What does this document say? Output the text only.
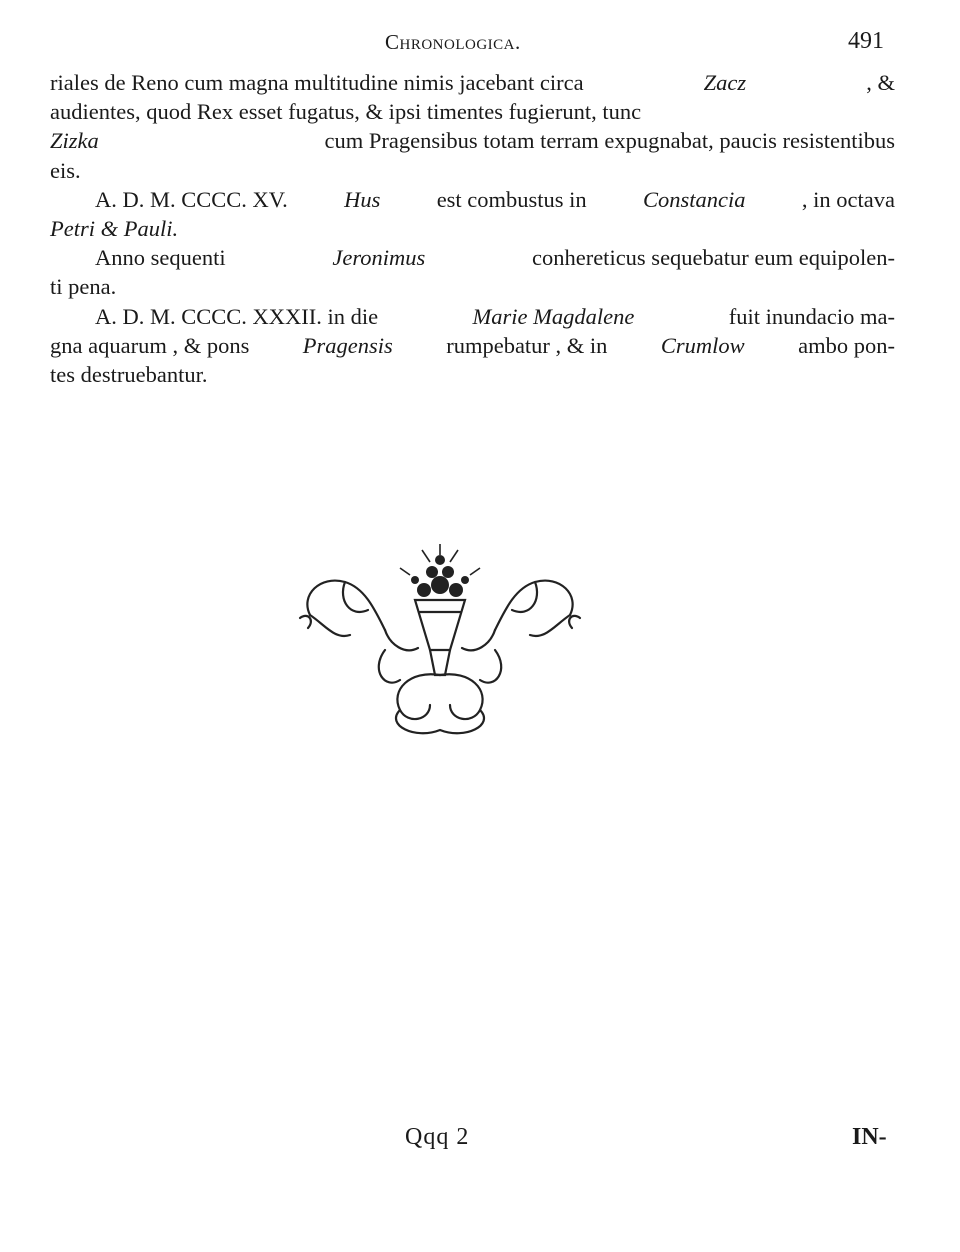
Chronologica.	491
riales de Reno cum magna multitudine nimis jacebant circa	Zacz	, &
audientes, quod Rex esset fugatus, & ipsi timentes fugierunt, tunc
Zizka	cum Pragensibus totam terram expugnabat, paucis resistentibus
eis.
A. D. M. CCCC. XV. Hus est combustus in Constancia , in octava
Petri & Pauli.
Anno sequenti	Jeronimus	conhereticus sequebatur eum equipolen-
ti pena.
A. D. M. CCCC. XXXII. in die	Marie Magdalene	fuit inundacio ma-
gna aquarum , & pons Pragensis rumpebatur , & in Crumlow ambo pon-
tes destruebantur.
Qqq 2	IN-
